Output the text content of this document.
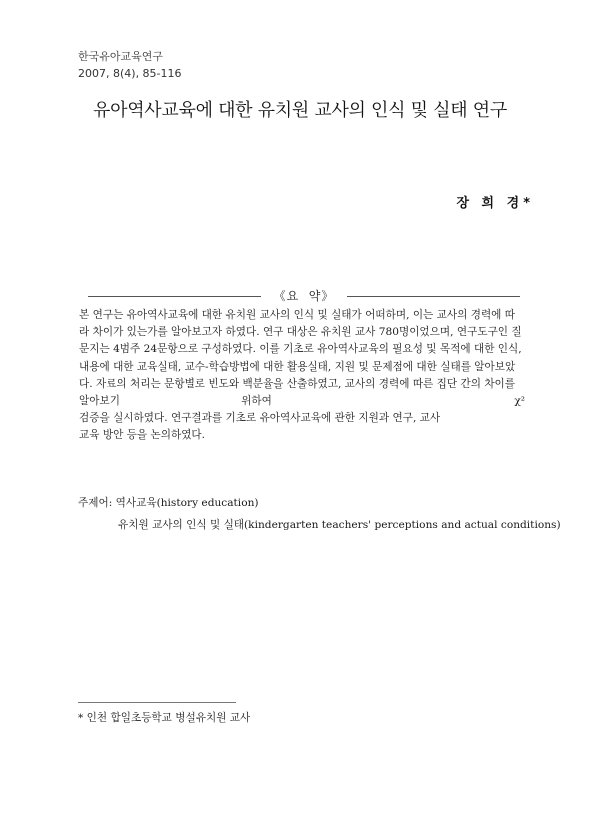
한국유아교육연구
2007, 8(4), 85-116
유아역사교육에 대한 유치원 교사의 인식 및 실태 연구
장 희 경*
《요  약》
본 연구는 유아역사교육에 대한 유치원 교사의 인식 및 실태가 어떠하며, 이는 교사의 경력에 따
라 차이가 있는가를 알아보고자 하였다. 연구 대상은 유치원 교사 780명이었으며, 연구도구인 질
문지는 4범주 24문항으로 구성하였다. 이를 기초로 유아역사교육의 필요성 및 목적에 대한 인식,
내용에 대한 교육실태, 교수-학습방법에 대한 활용실태, 지원 및 문제점에 대한 실태를 알아보았
다. 자료의 처리는 문항별로 빈도와 백분율을 산출하였고, 교사의 경력에 따른 집단 간의 차이를
알아보기 위하여  χ²검증을 실시하였다. 연구결과를 기초로 유아역사교육에 관한 지원과 연구, 교사
교육 방안 등을 논의하였다.
주제어: 역사교육(history education)
유치원 교사의 인식 및 실태(kindergarten teachers' perceptions and actual conditions)
* 인천 합일초등학교 병설유치원 교사
